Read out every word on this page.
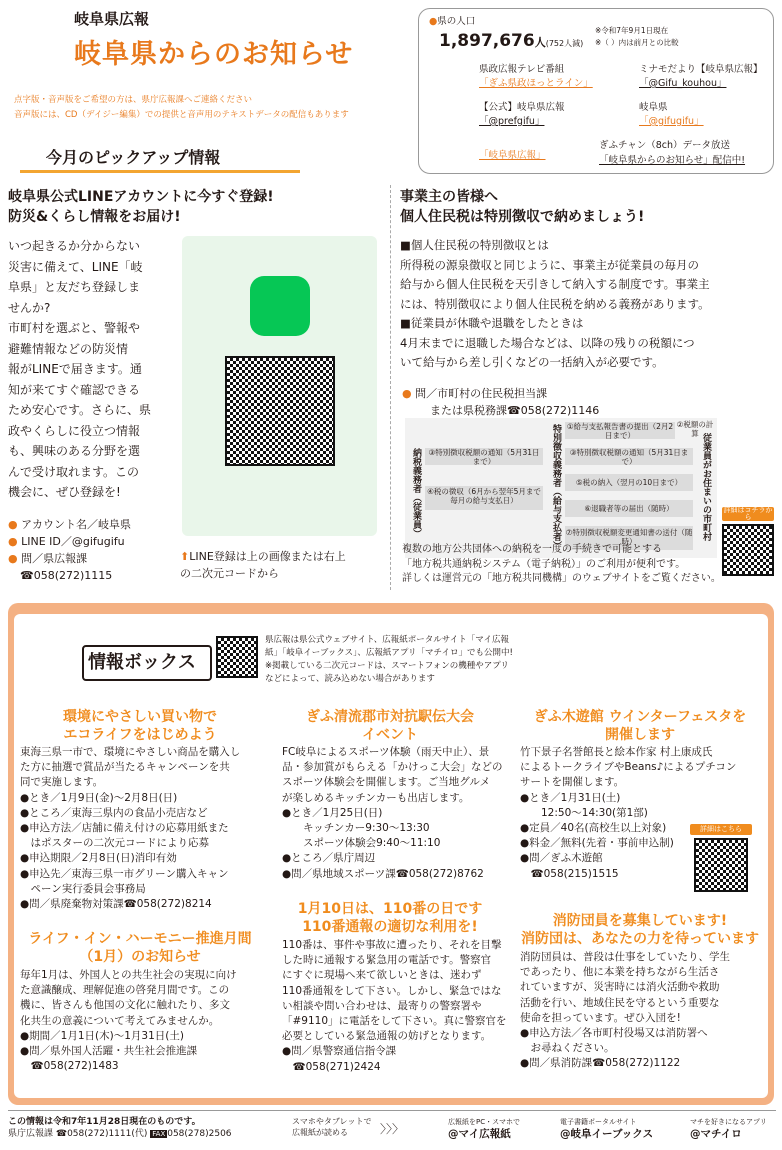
岐阜県広報
岐阜県からのお知らせ
点字版・音声版をご希望の方は、県庁広報課へご連絡ください
音声版には、CD（デイジー編集）での提供と音声用のテキストデータの配信もあります
●県の人口
1,897,676人(752人減)
※令和7年9月1日現在
※（ ）内は前月との比較
県政広報テレビ番組
「ぎふ県政ほっとライン」
ミナモだより【岐阜県広報】
「@Gifu_kouhou」
【公式】岐阜県広報
「@prefgifu」
岐阜県
「@gifugifu」
「岐阜県広報」
ぎふチャン（8ch）データ放送
「岐阜県からのお知らせ」配信中!
今月のピックアップ情報
岐阜県公式LINEアカウントに今すぐ登録!
防災&くらし情報をお届け!
いつ起きるか分からない
災害に備えて、LINE「岐
阜県」と友だち登録しま
せんか?
市町村を選ぶと、警報や
避難情報などの防災情
報がLINEで届きます。通
知が来てすぐ確認できる
ため安心です。さらに、県
政やくらしに役立つ情報
も、興味のある分野を選
んで受け取れます。この
機会に、ぜひ登録を!
● アカウント名／岐阜県
● LINE ID／@gifugifu
● 問／県広報課
☎058(272)1115
⬆LINE登録は上の画像または右上
の二次元コードから
事業主の皆様へ
個人住民税は特別徴収で納めましょう!
■個人住民税の特別徴収とは
所得税の源泉徴収と同じように、事業主が従業員の毎月の
給与から個人住民税を天引きして納入する制度です。事業主
には、特別徴収により個人住民税を納める義務があります。
■従業員が休職や退職をしたときは
4月末までに退職した場合などは、以降の残りの税額につ
いて給与から差し引くなどの一括納入が必要です。
● 問／市町村の住民税担当課
または県税務課☎058(272)1146
納税義務者（従業員）	特別徴収義務者（給与支払者）	従業員がお住まいの市町村
①給与支払報告書の提出（2月2日まで）
②税額の計算
③特別徴収税額の通知（5月31日まで）
③特別徴収税額の通知（5月31日まで）
④税の徴収（6月から翌年5月まで毎月の給与支払日）
⑤税の納入（翌月の10日まで）
⑥退職者等の届出（随時）
⑦特別徴収税額変更通知書の送付（随時）
詳細はコチラから
複数の地方公共団体への納税を一度の手続きで可能とする
「地方税共通納税システム（電子納税）」のご利用が便利です。
詳しくは運営元の「地方税共同機構」のウェブサイトをご覧ください。
情報ボックス
県広報は県公式ウェブサイト、広報紙ポータルサイト「マイ広報
紙」「岐阜イーブックス」、広報紙アプリ「マチイロ」でも公開中!
※掲載している二次元コードは、スマートフォンの機種やアプリ
などによって、読み込めない場合があります
環境にやさしい買い物で
エコライフをはじめよう
東海三県一市で、環境にやさしい商品を購入し
た方に抽選で賞品が当たるキャンペーンを共
同で実施します。
●とき／1月9日(金)～2月8日(日)
●ところ／東海三県内の食品小売店など
●申込方法／店舗に備え付けの応募用紙また
　はポスターの二次元コードにより応募
●申込期限／2月8日(日)消印有効
●申込先／東海三県一市グリーン購入キャン
　ペーン実行委員会事務局
●問／県廃棄物対策課☎058(272)8214
ライフ・イン・ハーモニー推進月間
（1月）のお知らせ
毎年1月は、外国人との共生社会の実現に向け
た意識醸成、理解促進の啓発月間です。この
機に、皆さんも他国の文化に触れたり、多文
化共生の意義について考えてみませんか。
●期間／1月1日(木)～1月31日(土)
●問／県外国人活躍・共生社会推進課
　☎058(272)1483
ぎふ清流郡市対抗駅伝大会
イベント
FC岐阜によるスポーツ体験（雨天中止）、景
品・参加賞がもらえる「かけっこ大会」などの
スポーツ体験会を開催します。ご当地グルメ
が楽しめるキッチンカーも出店します。
●とき／1月25日(日)
　　キッチンカー9:30～13:30
　　スポーツ体験会9:40～11:10
●ところ／県庁周辺
●問／県地域スポーツ課☎058(272)8762
1月10日は、110番の日です
110番通報の適切な利用を!
110番は、事件や事故に遭ったり、それを目撃
した時に通報する緊急用の電話です。警察官
にすぐに現場へ来て欲しいときは、迷わず
110番通報をして下さい。しかし、緊急ではな
い相談や問い合わせは、最寄りの警察署や
「#9110」に電話をして下さい。真に警察官を
必要としている緊急通報の妨げとなります。
●問／県警察通信指令課
　☎058(271)2424
ぎふ木遊館 ウインターフェスタを
開催します
竹下景子名誉館長と絵本作家 村上康成氏
によるトークライブやBeans♪によるプチコン
サートを開催します。
●とき／1月31日(土)
　　12:50～14:30(第1部)
●定員／40名(高校生以上対象)
●料金／無料(先着・事前申込制)
●問／ぎふ木遊館
　☎058(215)1515
詳細はこちら
消防団員を募集しています!
消防団は、あなたの力を待っています
消防団員は、普段は仕事をしていたり、学生
であったり、他に本業を持ちながら生活さ
れていますが、災害時には消火活動や救助
活動を行い、地域住民を守るという重要な
使命を担っています。ぜひ入団を!
●申込方法／各市町村役場又は消防署へ
　お尋ねください。
●問／県消防課☎058(272)1122
この情報は令和7年11月28日現在のものです。
県庁広報課 ☎058(272)1111(代) FAX 058(278)2506
スマホやタブレットで
広報紙が読める	〉〉〉	広報紙をPC・スマホで
@マイ広報紙
電子書籍ポータルサイト
@岐阜イーブックス
マチを好きになるアプリ
@マチイロ
